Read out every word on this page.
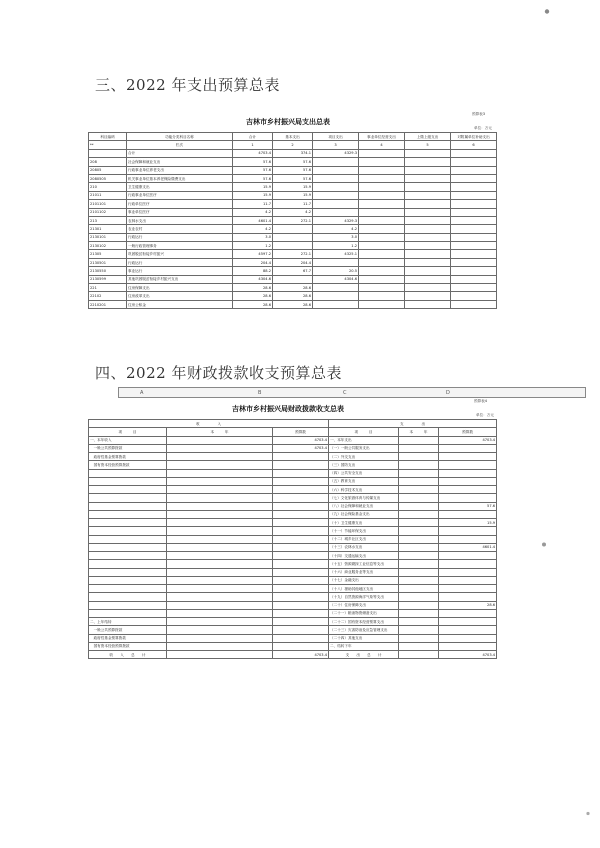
三、2022 年支出预算总表
预算表3
吉林市乡村振兴局支出总表
单位：万元
科目编码	功能分类科目名称	合计	基本支出	项目支出	事业单位经营支出	上缴上级支出	对附属单位补助支出
**	栏次	1	2	3	4	5	6
	合计	4703.4	374.1	4329.3			
208	社会保障和就业支出	57.6	57.6				
20805	行政事业单位养老支出	57.6	57.6				
2080505	机关事业单位基本养老保险缴费支出	57.6	57.6				
210	卫生健康支出	15.9	15.9				
21011	行政事业单位医疗	15.9	15.9				
2101101	行政单位医疗	11.7	11.7				
2101102	事业单位医疗	4.2	4.2				
213	农林水支出	4601.4	272.1	4329.3			
21301	农业农村	4.2		4.2			
2130101	行政运行	3.0		3.0			
2130102	一般行政管理事务	1.2		1.2			
21305	巩固脱贫衔接乡村振兴	4597.2	272.1	4325.1			
2130501	行政运行	204.4	204.4				
2130550	事业运行	88.2	67.7	20.5			
2130599	其他巩固脱贫衔接乡村振兴支出	4304.6		4304.6			
221	住房保障支出	28.6	28.6				
22102	住房改革支出	28.6	28.6				
2210201	住房公积金	28.6	28.6				
四、2022 年财政拨款收支预算总表
A	B	C	D
预算表4
吉林市乡村振兴局财政拨款收支总表
单位：万元
收　　　　　入			支　　　　　出		
项　　　目	本　　　年	预算数	项　　　目	本　　　年	预算数
一、本年收入		4703.4	一、本年支出		4703.4
　一般公共预算拨款		4703.4	（一）一般公共服务支出		
　政府性基金预算拨款			（二）外交支出		
　国有资本经营预算拨款			（三）国防支出		
			（四）公共安全支出		
			（五）教育支出		
			（六）科学技术支出		
			（七）文化旅游体育与传媒支出		
			（八）社会保障和就业支出		57.6
			（九）社会保险基金支出		
			（十）卫生健康支出		15.9
			（十一）节能环保支出		
			（十二）城乡社区支出		
			（十三）农林水支出		4601.4
			（十四）交通运输支出		
			（十五）资源勘探工业信息等支出		
			（十六）商业服务业等支出		
			（十七）金融支出		
			（十八）援助其他地区支出		
			（十九）自然资源海洋气象等支出		
			（二十）住房保障支出		28.6
			（二十一）粮油物资储备支出		
二、上年结转			（二十二）国有资本经营预算支出		
　一般公共预算拨款			（二十三）灾害防治及应急管理支出		
　政府性基金预算拨款			（二十四）其他支出		
　国有资本经营预算拨款			二、结转下年		
收　　入　　总　　计		4703.4	支　　出　　总　　计		4703.4
